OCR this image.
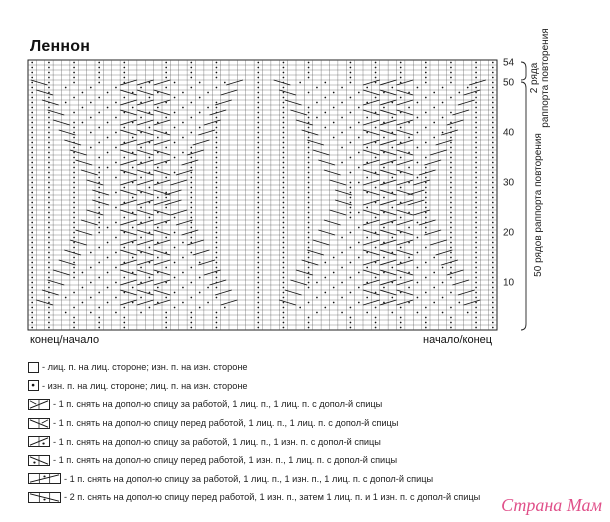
Леннон
54
50
40
30
20
10
2 рядараппорта повторения
50 рядов раппорта повторения
конец/начало	начало/конец
- лиц. п. на лиц. стороне; изн. п. на изн. стороне
- изн. п. на лиц. стороне; лиц. п. на изн. стороне
- 1 п. снять на допол-ю спицу за работой, 1 лиц. п., 1 лиц. п. с допол-й спицы
- 1 п. снять на допол-ю спицу перед работой, 1 лиц. п., 1 лиц. п. с допол-й спицы
- 1 п. снять на допол-ю спицу за работой, 1 лиц. п., 1 изн. п. с допол-й спицы
- 1 п. снять на допол-ю спицу перед работой, 1 изн. п., 1 лиц. п. с допол-й спицы
- 1 п. снять на допол-ю спицу за работой, 1 лиц. п., 1 изн. п., 1 лиц. п. с допол-й спицы
- 2 п. снять на допол-ю спицу перед работой, 1 изн. п., затем 1 лиц. п. и 1 изн. п. с допол-й спицы Страна Мам
